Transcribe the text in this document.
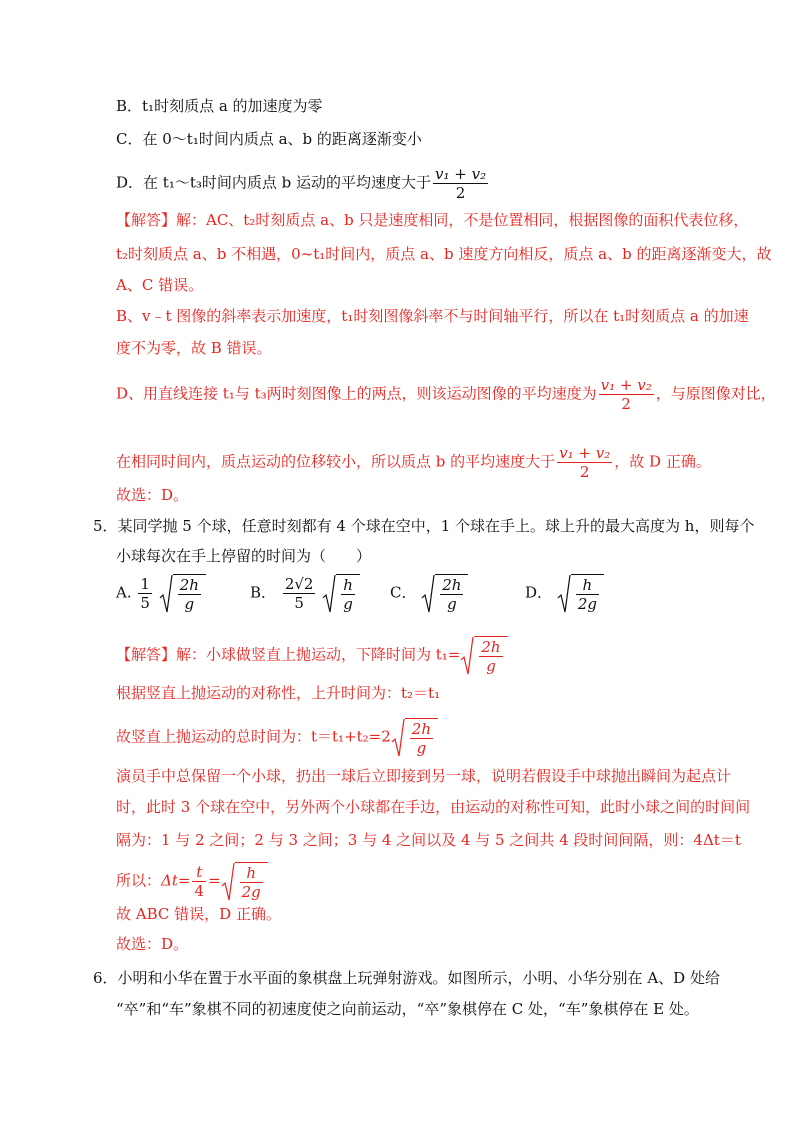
B．t₁时刻质点 a 的加速度为零
C．在 0～t₁时间内质点 a、b 的距离逐渐变小
D．在 t₁～t₃时间内质点 b 运动的平均速度大于 $\frac{\text{v₁ + v₂}}{2}$
【解答】解：AC、t₂时刻质点 a、b 只是速度相同，不是位置相同，根据图像的面积代表位移，
t₂时刻质点 a、b 不相遇，0~t₁时间内，质点 a、b 速度方向相反，质点 a、b 的距离逐渐变大，故
A、C 错误。
B、v﹣t 图像的斜率表示加速度，t₁时刻图像斜率不与时间轴平行，所以在 t₁时刻质点 a 的加速
度不为零，故 B 错误。
D、用直线连接 t₁与 t₃两时刻图像上的两点，则该运动图像的平均速度为 $\frac{\text{v₁ + v₂}}{2}$ ，与原图像对比，
在相同时间内，质点运动的位移较小，所以质点 b 的平均速度大于 $\frac{\text{v₁ + v₂}}{2}$ ，故 D 正确。
故选：D。
5．某同学抛 5 个球，任意时刻都有 4 个球在空中，1 个球在手上。球上升的最大高度为 h，则每个
小球每次在手上停留的时间为（　　）
A. $\frac{1}{5}$
$\frac{2h}{g}$	B． $\frac{2√2}{5}$
$\frac{h}{g}$ C． $\frac{2h}{g}$	D． $\frac{h}{2g}$
【解答】解：小球做竖直上抛运动，下降时间为 $t_1= \frac{2h}{g}$
根据竖直上抛运动的对称性，上升时间为：t₂＝t₁
故竖直上抛运动的总时间为：$t=t_1+t_2=2 \frac{2h}{g}$
演员手中总保留一个小球，扔出一球后立即接到另一球，说明若假设手中球抛出瞬间为起点计
时，此时 3 个球在空中，另外两个小球都在手边，由运动的对称性可知，此时小球之间的时间间
隔为：1 与 2 之间；2 与 3 之间；3 与 4 之间以及 4 与 5 之间共 4 段时间间隔，则：4Δt＝t
所以：$\Delta t= \frac{t}{4} = \frac{h}{2g}$
故 ABC 错误，D 正确。
故选：D。
6．小明和小华在置于水平面的象棋盘上玩弹射游戏。如图所示，小明、小华分别在 A、D 处给
“卒”和“车”象棋不同的初速度使之向前运动，“卒”象棋停在 C 处，“车”象棋停在 E 处。
